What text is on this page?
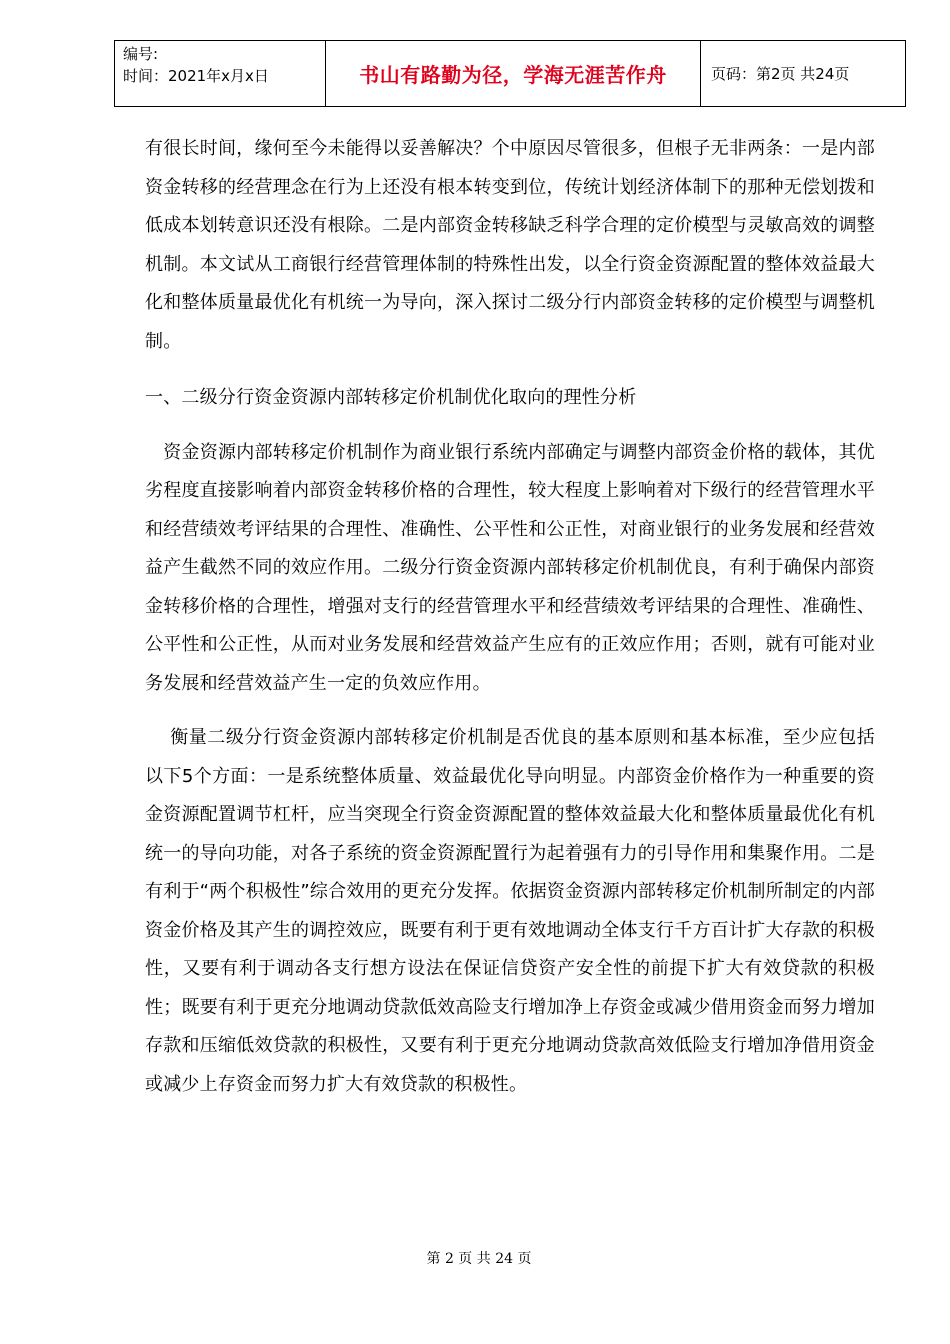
编号:
时间：2021年x月x日	书山有路勤为径，学海无涯苦作舟	页码：第2页 共24页

有很长时间，缘何至今未能得以妥善解决？个中原因尽管很多，但根子无非两条：一是内部资金转移的经营理念在行为上还没有根本转变到位，传统计划经济体制下的那种无偿划拨和低成本划转意识还没有根除。二是内部资金转移缺乏科学合理的定价模型与灵敏高效的调整机制。本文试从工商银行经营管理体制的特殊性出发，以全行资金资源配置的整体效益最大化和整体质量最优化有机统一为导向，深入探讨二级分行内部资金转移的定价模型与调整机制。

一、二级分行资金资源内部转移定价机制优化取向的理性分析

　资金资源内部转移定价机制作为商业银行系统内部确定与调整内部资金价格的载体，其优劣程度直接影响着内部资金转移价格的合理性，较大程度上影响着对下级行的经营管理水平和经营绩效考评结果的合理性、准确性、公平性和公正性，对商业银行的业务发展和经营效益产生截然不同的效应作用。二级分行资金资源内部转移定价机制优良，有利于确保内部资金转移价格的合理性，增强对支行的经营管理水平和经营绩效考评结果的合理性、准确性、公平性和公正性，从而对业务发展和经营效益产生应有的正效应作用；否则，就有可能对业务发展和经营效益产生一定的负效应作用。

衡量二级分行资金资源内部转移定价机制是否优良的基本原则和基本标准，至少应包括以下5个方面：一是系统整体质量、效益最优化导向明显。内部资金价格作为一种重要的资金资源配置调节杠杆，应当突现全行资金资源配置的整体效益最大化和整体质量最优化有机统一的导向功能，对各子系统的资金资源配置行为起着强有力的引导作用和集聚作用。二是有利于“两个积极性”综合效用的更充分发挥。依据资金资源内部转移定价机制所制定的内部资金价格及其产生的调控效应，既要有利于更有效地调动全体支行千方百计扩大存款的积极性，又要有利于调动各支行想方设法在保证信贷资产安全性的前提下扩大有效贷款的积极性；既要有利于更充分地调动贷款低效高险支行增加净上存资金或减少借用资金而努力增加存款和压缩低效贷款的积极性，又要有利于更充分地调动贷款高效低险支行增加净借用资金或减少上存资金而努力扩大有效贷款的积极性。

第 2 页 共 24 页
